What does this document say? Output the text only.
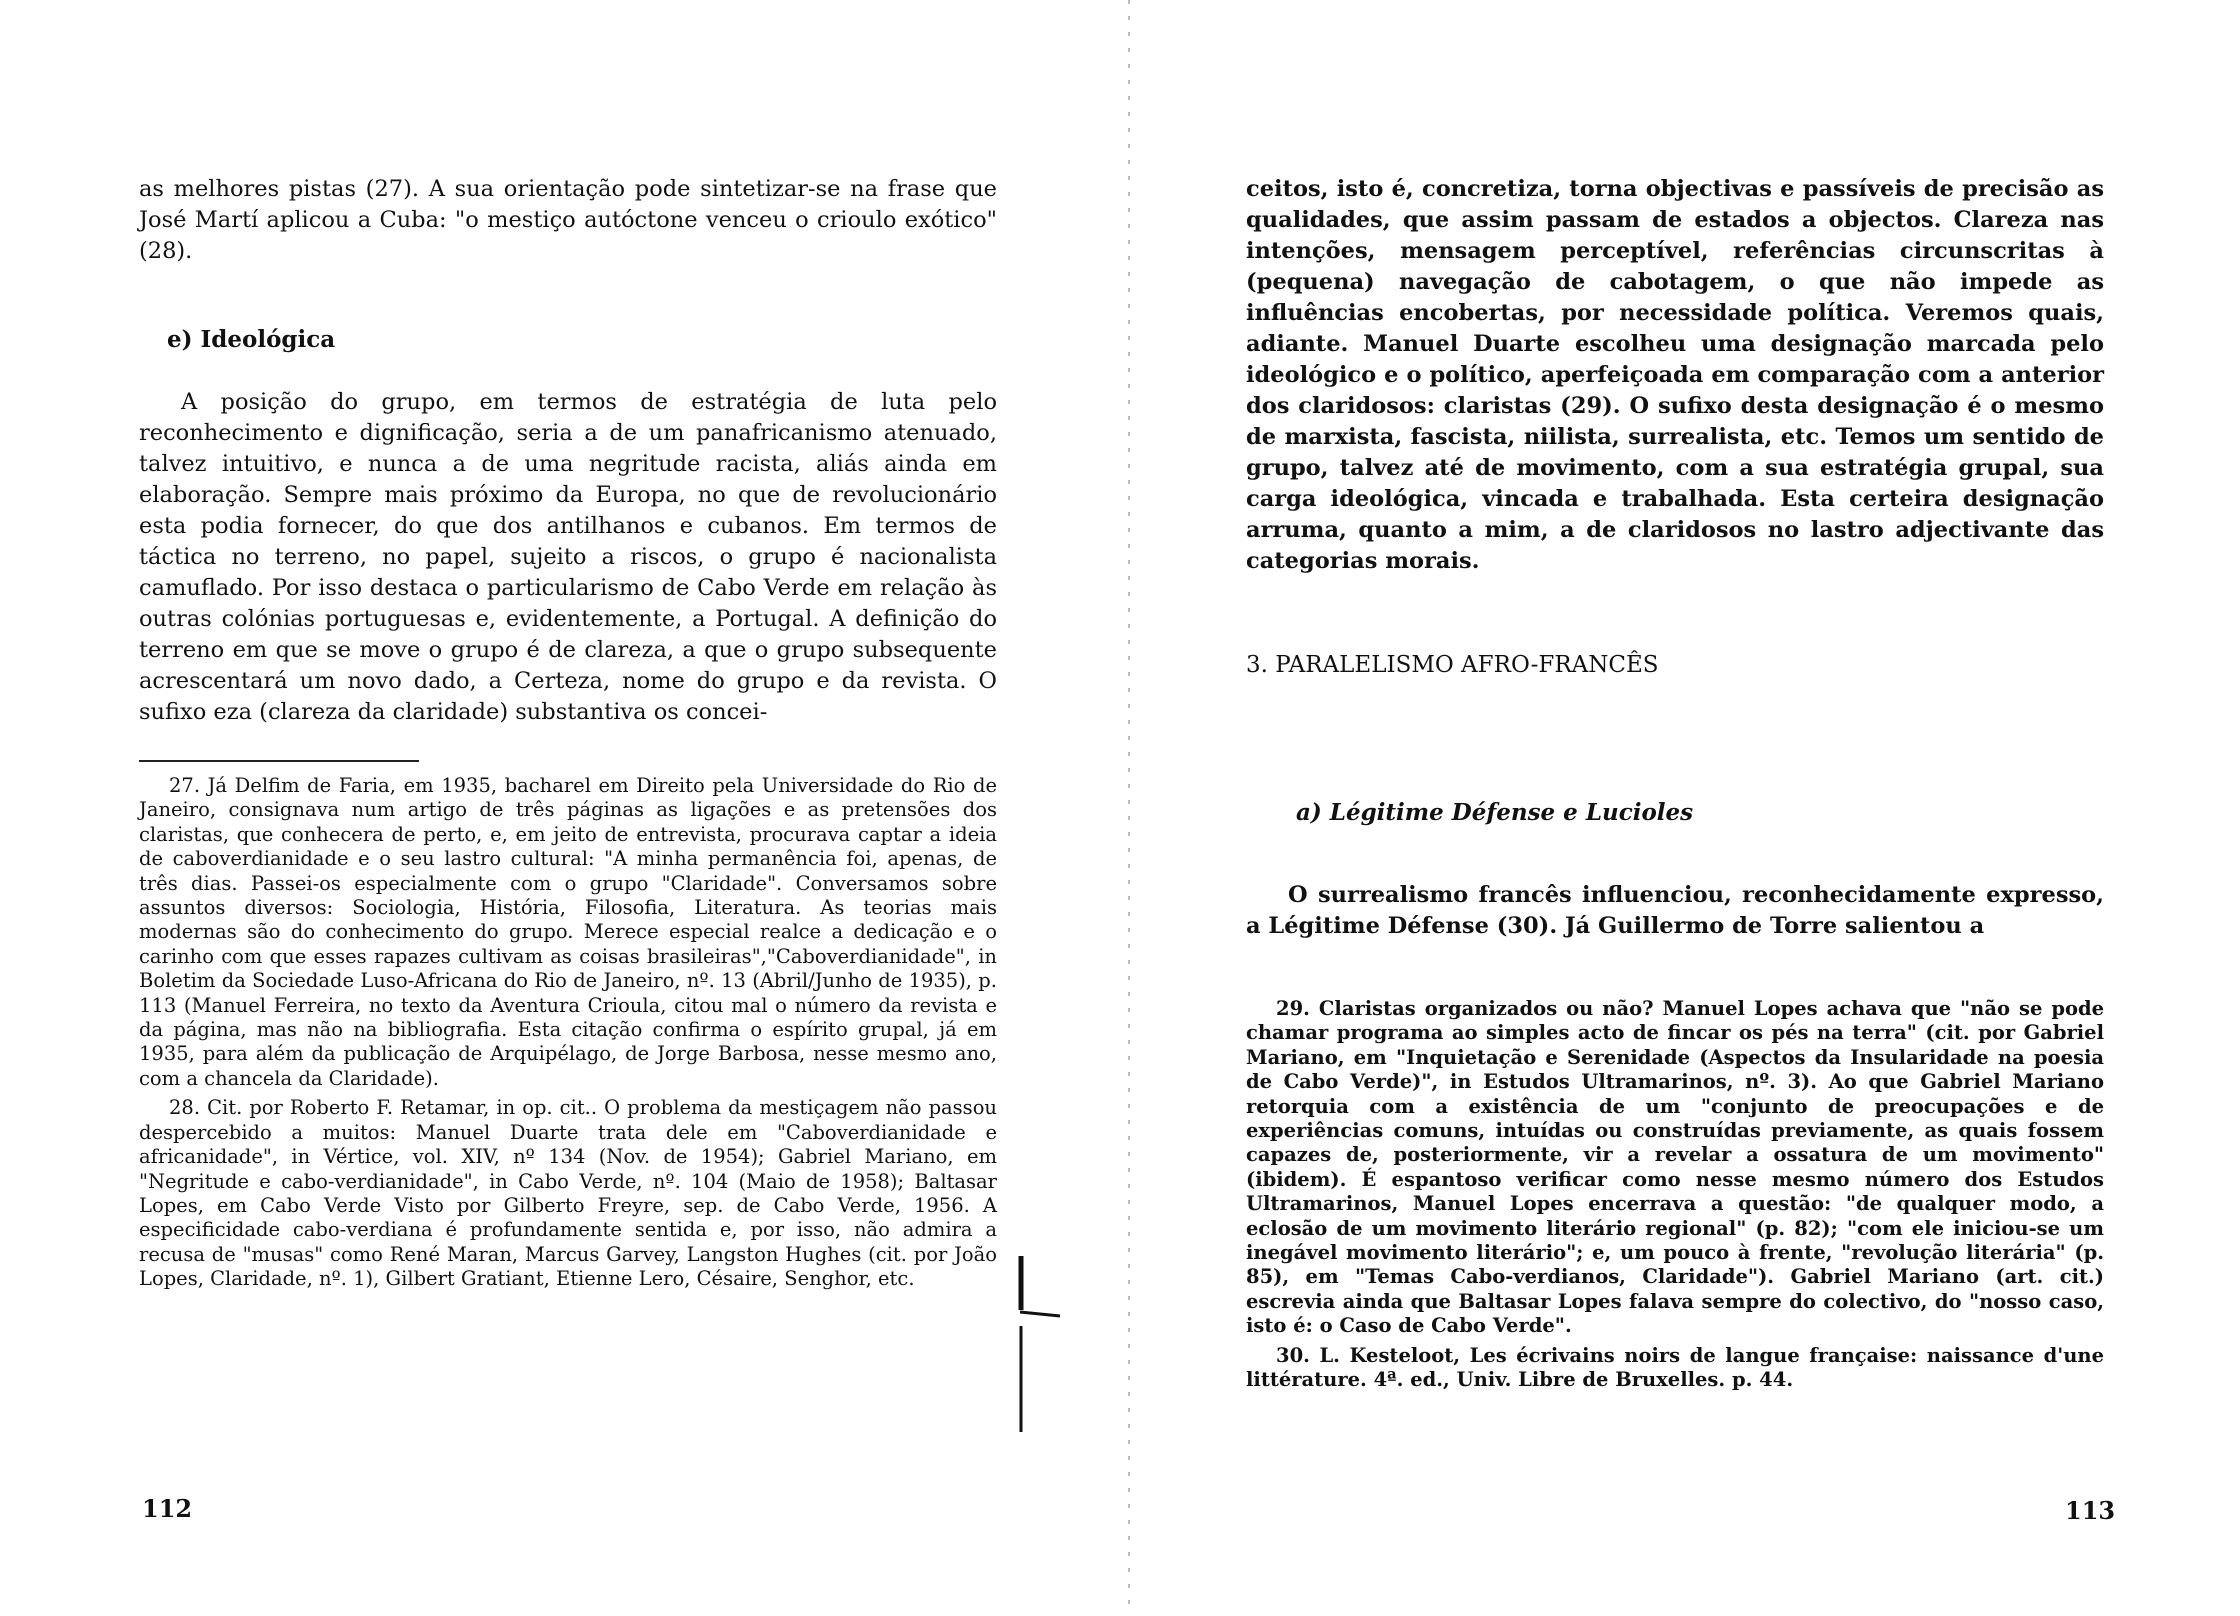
as melhores pistas (27). A sua orientação pode sintetizar-se na frase que José Martí aplicou a Cuba: "o mestiço autóctone venceu o crioulo exótico" (28).

e) Ideológica

A posição do grupo, em termos de estratégia de luta pelo reconhecimento e dignificação, seria a de um panafricanismo atenuado, talvez intuitivo, e nunca a de uma negritude racista, aliás ainda em elaboração. Sempre mais próximo da Europa, no que de revolucionário esta podia fornecer, do que dos antilhanos e cubanos. Em termos de táctica no terreno, no papel, sujeito a riscos, o grupo é nacionalista camuflado. Por isso destaca o particularismo de Cabo Verde em relação às outras colónias portuguesas e, evidentemente, a Portugal. A definição do terreno em que se move o grupo é de clareza, a que o grupo subsequente acrescentará um novo dado, a Certeza, nome do grupo e da revista. O sufixo eza (clareza da claridade) substantiva os concei-

27. Já Delfim de Faria, em 1935, bacharel em Direito pela Universidade do Rio de Janeiro, consignava num artigo de três páginas as ligações e as pretensões dos claristas, que conhecera de perto, e, em jeito de entrevista, procurava captar a ideia de caboverdianidade e o seu lastro cultural: "A minha permanência foi, apenas, de três dias. Passei-os especialmente com o grupo "Claridade". Conversamos sobre assuntos diversos: Sociologia, História, Filosofia, Literatura. As teorias mais modernas são do conhecimento do grupo. Merece especial realce a dedicação e o carinho com que esses rapazes cultivam as coisas brasileiras","Caboverdianidade", in Boletim da Sociedade Luso-Africana do Rio de Janeiro, nº. 13 (Abril/Junho de 1935), p. 113 (Manuel Ferreira, no texto da Aventura Crioula, citou mal o número da revista e da página, mas não na bibliografia. Esta citação confirma o espírito grupal, já em 1935, para além da publicação de Arquipélago, de Jorge Barbosa, nesse mesmo ano, com a chancela da Claridade).

28. Cit. por Roberto F. Retamar, in op. cit.. O problema da mestiçagem não passou despercebido a muitos: Manuel Duarte trata dele em "Caboverdianidade e africanidade", in Vértice, vol. XIV, nº 134 (Nov. de 1954); Gabriel Mariano, em "Negritude e cabo-verdianidade", in Cabo Verde, nº. 104 (Maio de 1958); Baltasar Lopes, em Cabo Verde Visto por Gilberto Freyre, sep. de Cabo Verde, 1956. A especificidade cabo-verdiana é profundamente sentida e, por isso, não admira a recusa de "musas" como René Maran, Marcus Garvey, Langston Hughes (cit. por João Lopes, Claridade, nº. 1), Gilbert Gratiant, Etienne Lero, Césaire, Senghor, etc.

112

ceitos, isto é, concretiza, torna objectivas e passíveis de precisão as qualidades, que assim passam de estados a objectos. Clareza nas intenções, mensagem perceptível, referências circunscritas à (pequena) navegação de cabotagem, o que não impede as influências encobertas, por necessidade política. Veremos quais, adiante. Manuel Duarte escolheu uma designação marcada pelo ideológico e o político, aperfeiçoada em comparação com a anterior dos claridosos: claristas (29). O sufixo desta designação é o mesmo de marxista, fascista, niilista, surrealista, etc. Temos um sentido de grupo, talvez até de movimento, com a sua estratégia grupal, sua carga ideológica, vincada e trabalhada. Esta certeira designação arruma, quanto a mim, a de claridosos no lastro adjectivante das categorias morais.

3. PARALELISMO AFRO-FRANCÊS

a) Légitime Défense e Lucioles

O surrealismo francês influenciou, reconhecidamente expresso, a Légitime Défense (30). Já Guillermo de Torre salientou a

29. Claristas organizados ou não? Manuel Lopes achava que "não se pode chamar programa ao simples acto de fincar os pés na terra" (cit. por Gabriel Mariano, em "Inquietação e Serenidade (Aspectos da Insularidade na poesia de Cabo Verde)", in Estudos Ultramarinos, nº. 3). Ao que Gabriel Mariano retorquia com a existência de um "conjunto de preocupações e de experiências comuns, intuídas ou construídas previamente, as quais fossem capazes de, posteriormente, vir a revelar a ossatura de um movimento" (ibidem). É espantoso verificar como nesse mesmo número dos Estudos Ultramarinos, Manuel Lopes encerrava a questão: "de qualquer modo, a eclosão de um movimento literário regional" (p. 82); "com ele iniciou-se um inegável movimento literário"; e, um pouco à frente, "revolução literária" (p. 85), em "Temas Cabo-verdianos, Claridade"). Gabriel Mariano (art. cit.) escrevia ainda que Baltasar Lopes falava sempre do colectivo, do "nosso caso, isto é: o Caso de Cabo Verde".

30. L. Kesteloot, Les écrivains noirs de langue française: naissance d'une littérature. 4ª. ed., Univ. Libre de Bruxelles. p. 44.

113
